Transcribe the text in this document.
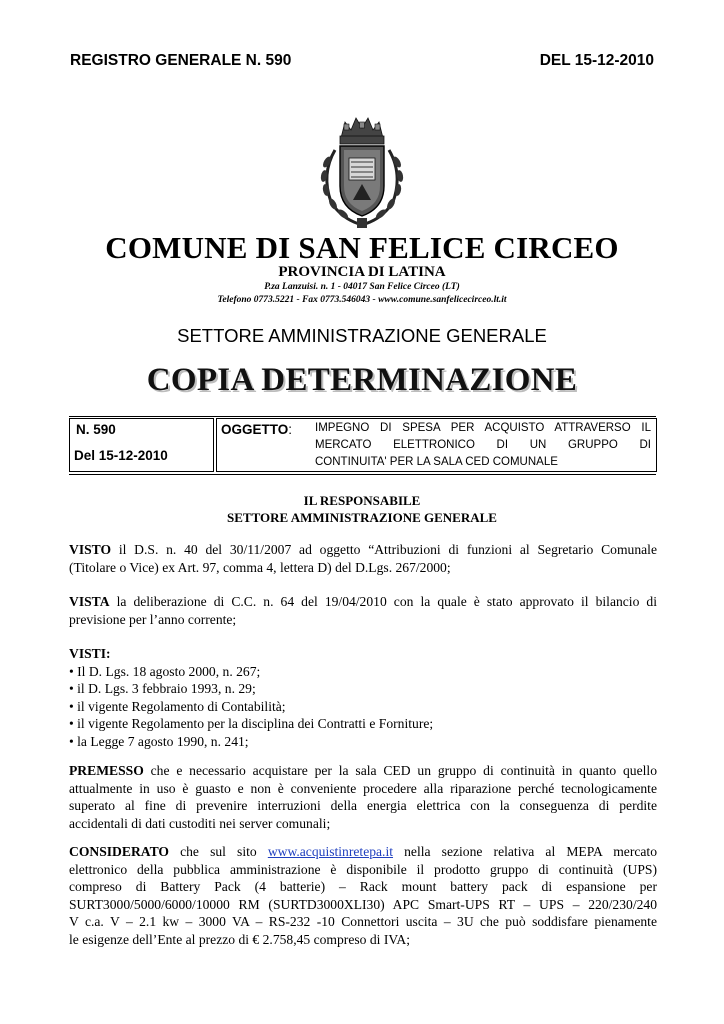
REGISTRO GENERALE N. 590	DEL 15-12-2010
COMUNE DI SAN FELICE CIRCEO
PROVINCIA DI LATINA
P.za Lanzuisi. n. 1 - 04017 San Felice Circeo (LT)
Telefono 0773.5221 - Fax 0773.546043 - www.comune.sanfelicecirceo.lt.it
SETTORE AMMINISTRAZIONE GENERALE
COPIA DETERMINAZIONE
N. 590
Del 15-12-2010
OGGETTO: IMPEGNO DI SPESA PER ACQUISTO ATTRAVERSO IL
MERCATO ELETTRONICO DI UN GRUPPO DI
CONTINUITA' PER LA SALA CED COMUNALE
IL RESPONSABILE
SETTORE AMMINISTRAZIONE GENERALE
VISTO il D.S. n. 40 del 30/11/2007 ad oggetto “Attribuzioni di funzioni al Segretario Comunale
(Titolare o Vice) ex Art. 97, comma 4, lettera D) del D.Lgs. 267/2000;
VISTA la deliberazione di C.C. n. 64 del 19/04/2010 con la quale è stato approvato il bilancio di
previsione per l’anno corrente;
VISTI:
• Il D. Lgs. 18 agosto 2000, n. 267;
• il D. Lgs. 3 febbraio 1993, n. 29;
• il vigente Regolamento di Contabilità;
• il vigente Regolamento per la disciplina dei Contratti e Forniture;
• la Legge 7 agosto 1990, n. 241;
PREMESSO che e necessario acquistare per la sala CED un gruppo di continuità in quanto quello
attualmente in uso è guasto e non è conveniente procedere alla riparazione perché tecnologicamente
superato al fine di prevenire interruzioni della energia elettrica con la conseguenza di perdite
accidentali di dati custoditi nei server comunali;
CONSIDERATO che sul sito www.acquistinretepa.it nella sezione relativa al MEPA mercato
elettronico della pubblica amministrazione è disponibile il prodotto gruppo di continuità (UPS)
compreso di Battery Pack (4 batterie) – Rack mount battery pack di espansione per
SURT3000/5000/6000/10000 RM (SURTD3000XLI30) APC Smart-UPS RT – UPS – 220/230/240
V c.a. V – 2.1 kw – 3000 VA – RS-232 -10 Connettori uscita – 3U che può soddisfare pienamente
le esigenze dell’Ente al prezzo di € 2.758,45 compreso di IVA;
